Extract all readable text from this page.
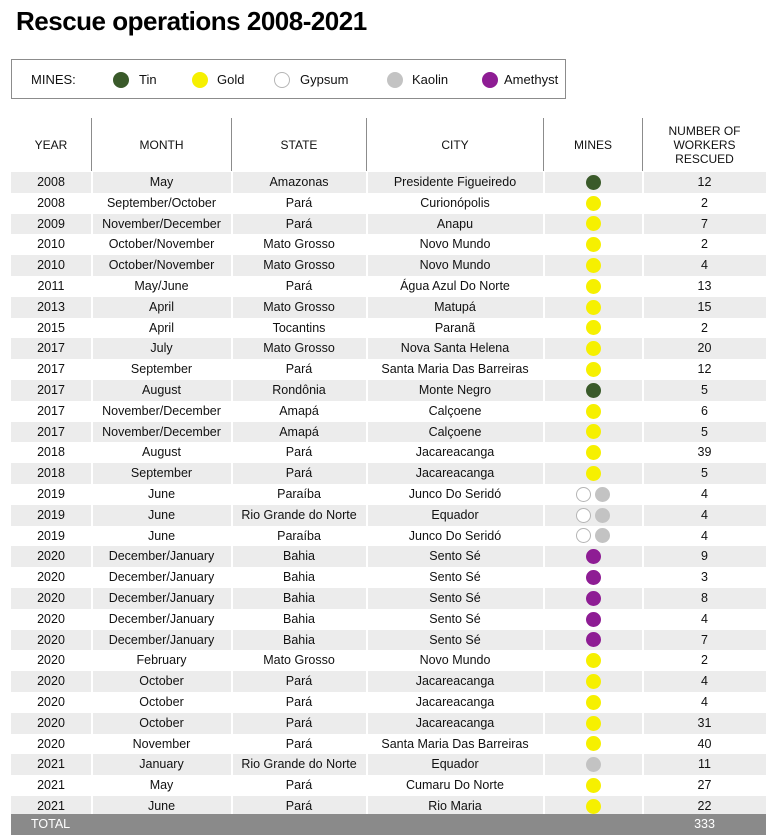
Rescue operations 2008-2021
MINES:	Tin	Gold	Gypsum	Kaolin	Amethyst
YEAR	MONTH	STATE	CITY	MINES
NUMBER OF WORKERS RESCUED
2008	May	Amazonas	Presidente Figueiredo	12
2008	September/October	Pará	Curionópolis	2
2009	November/December	Pará	Anapu	7
2010	October/November	Mato Grosso	Novo Mundo	2
2010	October/November	Mato Grosso	Novo Mundo	4
2011	May/June	Pará	Água Azul Do Norte	13
2013	April	Mato Grosso	Matupá	15
2015	April	Tocantins	Paranã	2
2017	July	Mato Grosso	Nova Santa Helena	20
2017	September	Pará	Santa Maria Das Barreiras	12
2017	August	Rondônia	Monte Negro	5
2017	November/December	Amapá	Calçoene	6
2017	November/December	Amapá	Calçoene	5
2018	August	Pará	Jacareacanga	39
2018	September	Pará	Jacareacanga	5
2019	June	Paraíba	Junco Do Seridó	4
2019	June	Rio Grande do Norte	Equador	4
2019	June	Paraíba	Junco Do Seridó	4
2020	December/January	Bahia	Sento Sé	9
2020	December/January	Bahia	Sento Sé	3
2020	December/January	Bahia	Sento Sé	8
2020	December/January	Bahia	Sento Sé	4
2020	December/January	Bahia	Sento Sé	7
2020	February	Mato Grosso	Novo Mundo	2
2020	October	Pará	Jacareacanga	4
2020	October	Pará	Jacareacanga	4
2020	October	Pará	Jacareacanga	31
2020	November	Pará	Santa Maria Das Barreiras	40
2021	January	Rio Grande do Norte	Equador	11
2021	May	Pará	Cumaru Do Norte	27
2021	June	Pará	Rio Maria	22
TOTAL	333
